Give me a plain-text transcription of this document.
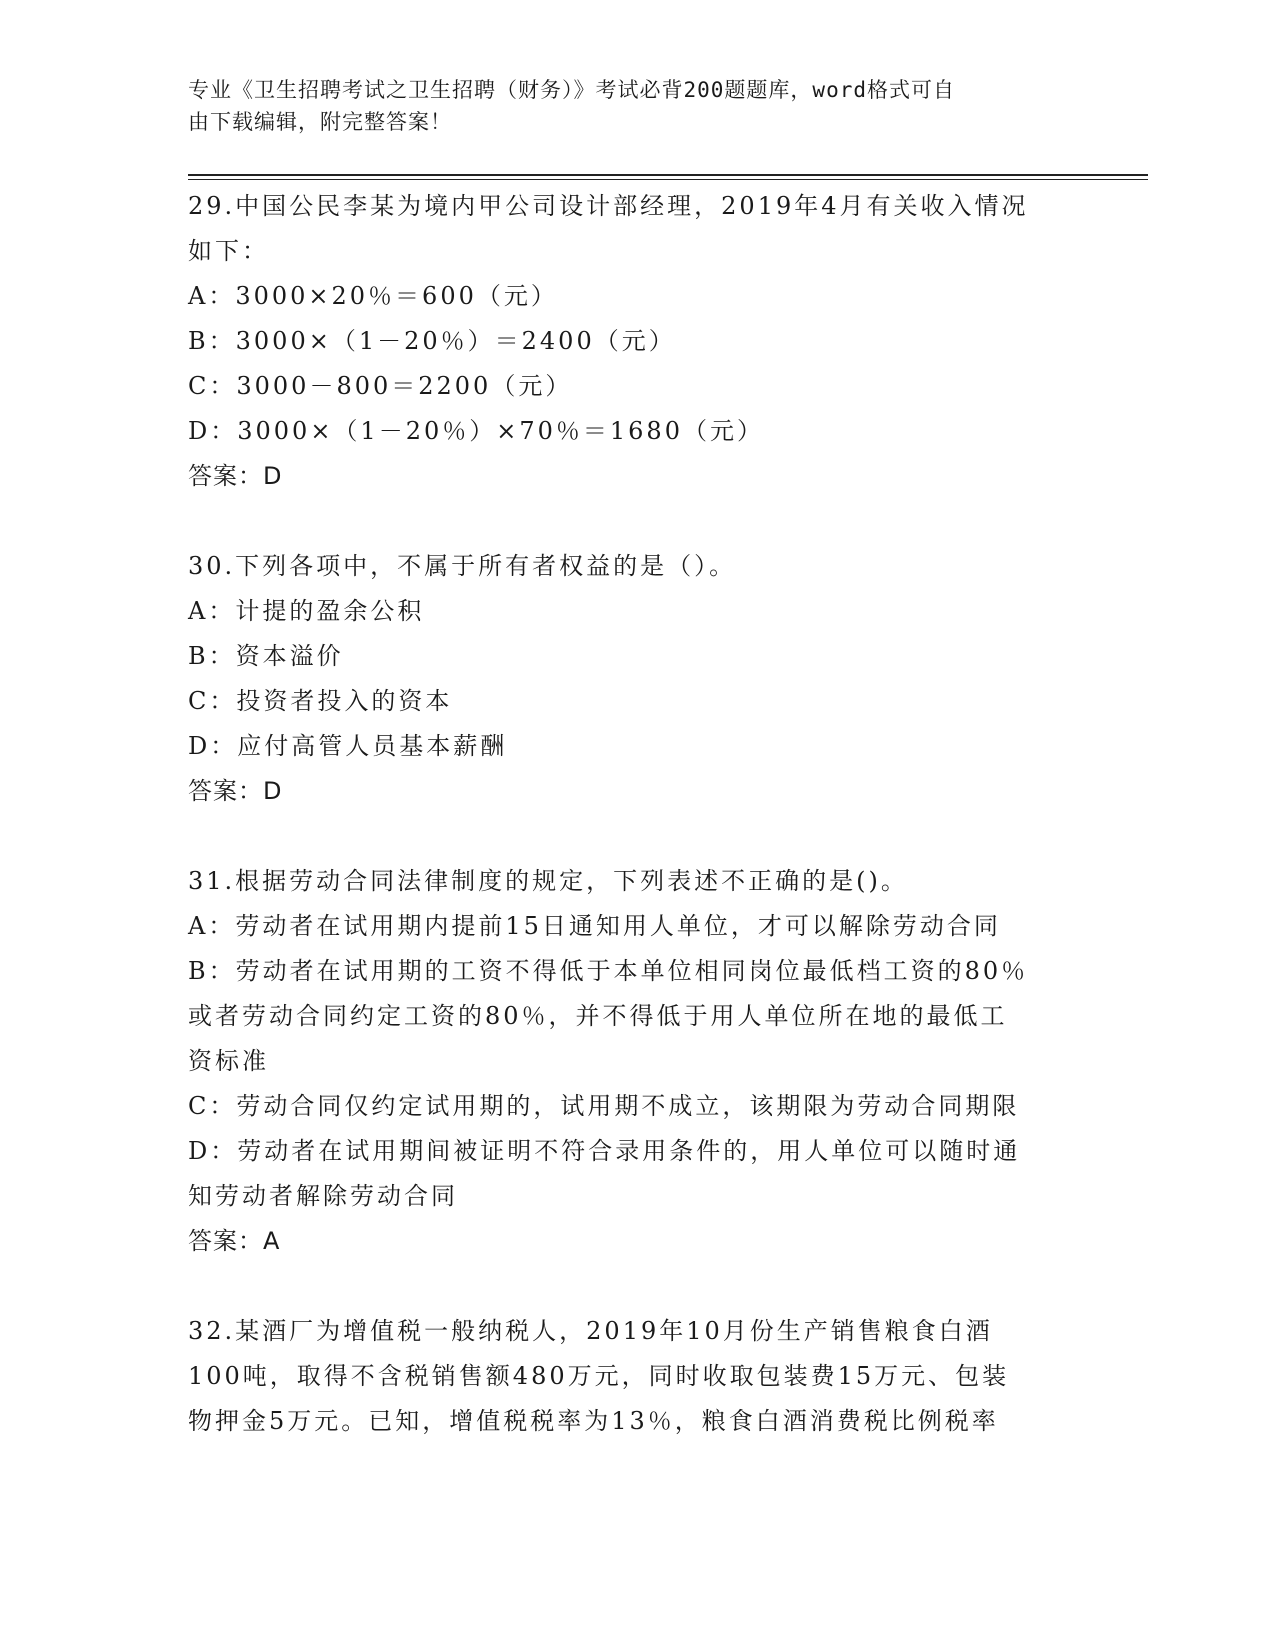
专业《卫生招聘考试之卫生招聘（财务）》考试必背200题题库，word格式可自
由下载编辑，附完整答案！
29.中国公民李某为境内甲公司设计部经理，2019年4月有关收入情况
如下：
A：3000×20％＝600（元）
B：3000×（1－20％）＝2400（元）
C：3000－800＝2200（元）
D：3000×（1－20％）×70％＝1680（元）
答案：D
30.下列各项中，不属于所有者权益的是（）。
A：计提的盈余公积
B：资本溢价
C：投资者投入的资本
D：应付高管人员基本薪酬
答案：D
31.根据劳动合同法律制度的规定，下列表述不正确的是()。
A：劳动者在试用期内提前15日通知用人单位，才可以解除劳动合同
B：劳动者在试用期的工资不得低于本单位相同岗位最低档工资的80％
或者劳动合同约定工资的80％，并不得低于用人单位所在地的最低工
资标准
C：劳动合同仅约定试用期的，试用期不成立，该期限为劳动合同期限
D：劳动者在试用期间被证明不符合录用条件的，用人单位可以随时通
知劳动者解除劳动合同
答案：A
32.某酒厂为增值税一般纳税人，2019年10月份生产销售粮食白酒
100吨，取得不含税销售额480万元，同时收取包装费15万元、包装
物押金5万元。已知，增值税税率为13％，粮食白酒消费税比例税率
